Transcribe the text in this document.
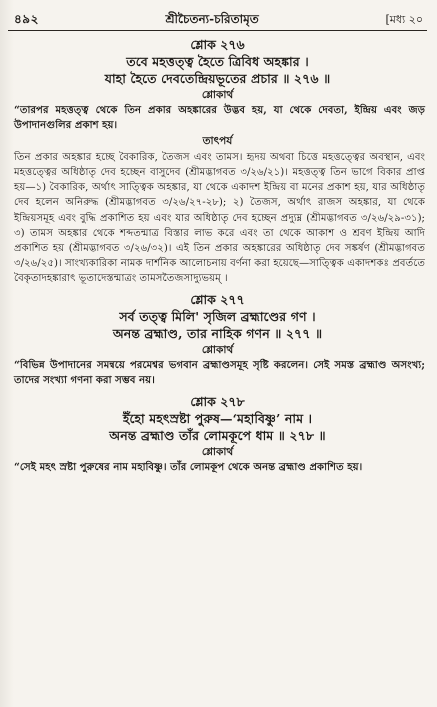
৪৯২	শ্রীচৈতন্য-চরিতামৃত	[মধ্য ২০
শ্লোক ২৭৬
তবে মহত্তত্ত্ব হৈতে ত্রিবিধ অহঙ্কার ।
যাহা হৈতে দেবতেন্দ্রিয়ভূতের প্রচার ॥ ২৭৬ ॥
শ্লোকার্থ

“তারপর মহত্তত্ত্ব থেকে তিন প্রকার অহঙ্কারের উদ্ভব হয়, যা থেকে দেবতা, ইন্দ্রিয় এবং জড় উপাদানগুলির প্রকাশ হয়।

তাৎপর্য

তিন প্রকার অহঙ্কার হচ্ছে বৈকারিক, তৈজস এবং তামস। হৃদয় অথবা চিত্তে মহত্তত্ত্বের অবস্থান, এবং মহত্তত্ত্বের অধিষ্ঠাতৃ দেব হচ্ছেন বাসুদেব (শ্রীমদ্ভাগবত ৩/২৬/২১)। মহত্তত্ত্ব তিন ভাগে বিকার প্রাপ্ত হয়—১) বৈকারিক, অর্থাৎ সাত্ত্বিক অহঙ্কার, যা থেকে একাদশ ইন্দ্রিয় বা মনের প্রকাশ হয়, যার অধিষ্ঠাতৃ দেব হলেন অনিরুদ্ধ (শ্রীমদ্ভাগবত ৩/২৬/২৭-২৮); ২) তৈজস, অর্থাৎ রাজস অহঙ্কার, যা থেকে ইন্দ্রিয়সমূহ এবং বুদ্ধি প্রকাশিত হয় এবং যার অধিষ্ঠাতৃ দেব হচ্ছেন প্রদ্যুম্ন (শ্রীমদ্ভাগবত ৩/২৬/২৯-৩১); ৩) তামস অহঙ্কার থেকে শব্দতন্মাত্র বিস্তার লাভ করে এবং তা থেকে আকাশ ও শ্রবণ ইন্দ্রিয় আদি প্রকাশিত হয় (শ্রীমদ্ভাগবত ৩/২৬/৩২)। এই তিন প্রকার অহঙ্কারের অধিষ্ঠাতৃ দেব সঙ্কর্ষণ (শ্রীমদ্ভাগবত ৩/২৬/২৫)। সাংখ্যকারিকা নামক দার্শনিক আলোচনায় বর্ণনা করা হয়েছে—সাত্ত্বিক একাদশকঃ প্রবর্ততে বৈকৃতাদহঙ্কারাৎ ভূতাদেস্তন্মাত্রং তামসতৈজসাদ্যুভয়ম্ ।

শ্লোক ২৭৭
সর্ব তত্ত্ব মিলি' সৃজিল ব্রহ্মাণ্ডের গণ ।
অনন্ত ব্রহ্মাণ্ড, তার নাহিক গণন ॥ ২৭৭ ॥
শ্লোকার্থ

“বিভিন্ন উপাদানের সমন্বয়ে পরমেশ্বর ভগবান ব্রহ্মাণ্ডসমূহ সৃষ্টি করলেন। সেই সমস্ত ব্রহ্মাণ্ড অসংখ্য; তাদের সংখ্যা গণনা করা সম্ভব নয়।

শ্লোক ২৭৮
ইঁহো মহৎস্রষ্টা পুরুষ—‘মহাবিষ্ণু’ নাম ।
অনন্ত ব্রহ্মাণ্ড তাঁর লোমকূপে ধাম ॥ ২৭৮ ॥
শ্লোকার্থ

“সেই মহৎ স্রষ্টা পুরুষের নাম মহাবিষ্ণু। তাঁর লোমকূপ থেকে অনন্ত ব্রহ্মাণ্ড প্রকাশিত হয়।
